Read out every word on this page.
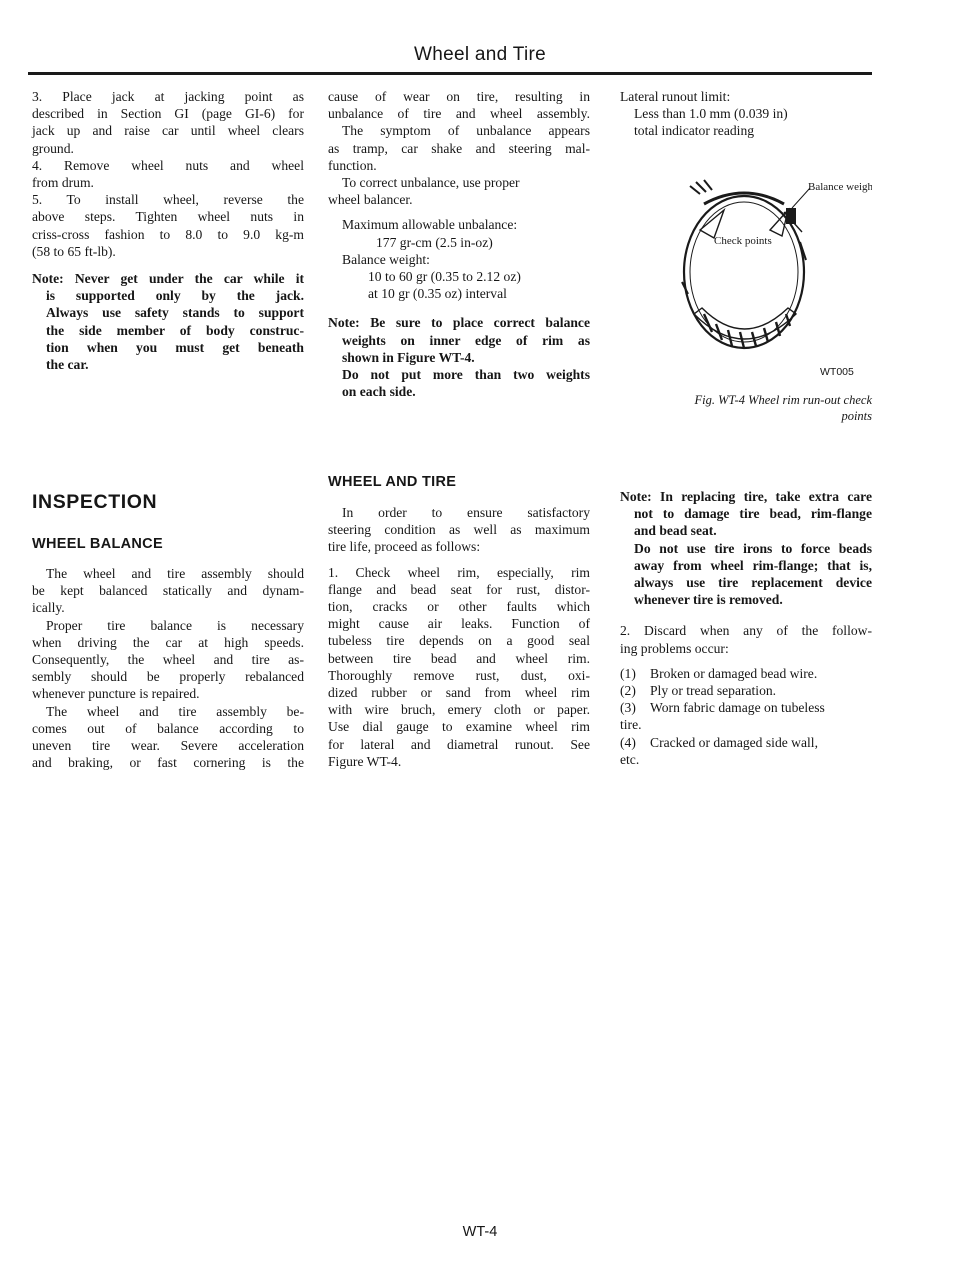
Wheel and Tire

3. Place jack at jacking point as

described in Section GI (page GI-6) for

jack up and raise car until wheel clears

ground.

4. Remove wheel nuts and wheel

from drum.

5. To install wheel, reverse the

above steps. Tighten wheel nuts in

criss-cross fashion to 8.0 to 9.0 kg-m

(58 to 65 ft-lb).

Note: Never get under the car while it

is supported only by the jack.

Always use safety stands to support

the side member of body construc-

tion when you must get beneath

the car.

INSPECTION

WHEEL BALANCE

The wheel and tire assembly should

be kept balanced statically and dynam-

ically.

Proper tire balance is necessary

when driving the car at high speeds.

Consequently, the wheel and tire as-

sembly should be properly rebalanced

whenever puncture is repaired.

The wheel and tire assembly be-

comes out of balance according to

uneven tire wear. Severe acceleration

and braking, or fast cornering is the

cause of wear on tire, resulting in

unbalance of tire and wheel assembly.

The symptom of unbalance appears

as tramp, car shake and steering mal-

function.

To correct unbalance, use proper

wheel balancer.

Maximum allowable unbalance:

177 gr-cm (2.5 in-oz)

Balance weight:

10 to 60 gr (0.35 to 2.12 oz)

at 10 gr (0.35 oz) interval

Note: Be sure to place correct balance

weights on inner edge of rim as

shown in Figure WT-4.

Do not put more than two weights

on each side.

WHEEL AND TIRE

In order to ensure satisfactory

steering condition as well as maximum

tire life, proceed as follows:

1. Check wheel rim, especially, rim

flange and bead seat for rust, distor-

tion, cracks or other faults which

might cause air leaks. Function of

tubeless tire depends on a good seal

between tire bead and wheel rim.

Thoroughly remove rust, dust, oxi-

dized rubber or sand from wheel rim

with wire bruch, emery cloth or paper.

Use dial gauge to examine wheel rim

for lateral and diametral runout. See

Figure WT-4.

Lateral runout limit:

Less than 1.0 mm (0.039 in)

total indicator reading

Balance weight
Check points
WT005
Fig. WT-4 Wheel rim run-out check
points

Note: In replacing tire, take extra care

not to damage tire bead, rim-flange

and bead seat.

Do not use tire irons to force beads

away from wheel rim-flange; that is,

always use tire replacement device

whenever tire is removed.

2. Discard when any of the follow-

ing problems occur:

(1) Broken or damaged bead wire.

(2) Ply or tread separation.

(3) Worn fabric damage on tubeless

tire.

(4) Cracked or damaged side wall,

etc.

WT-4
